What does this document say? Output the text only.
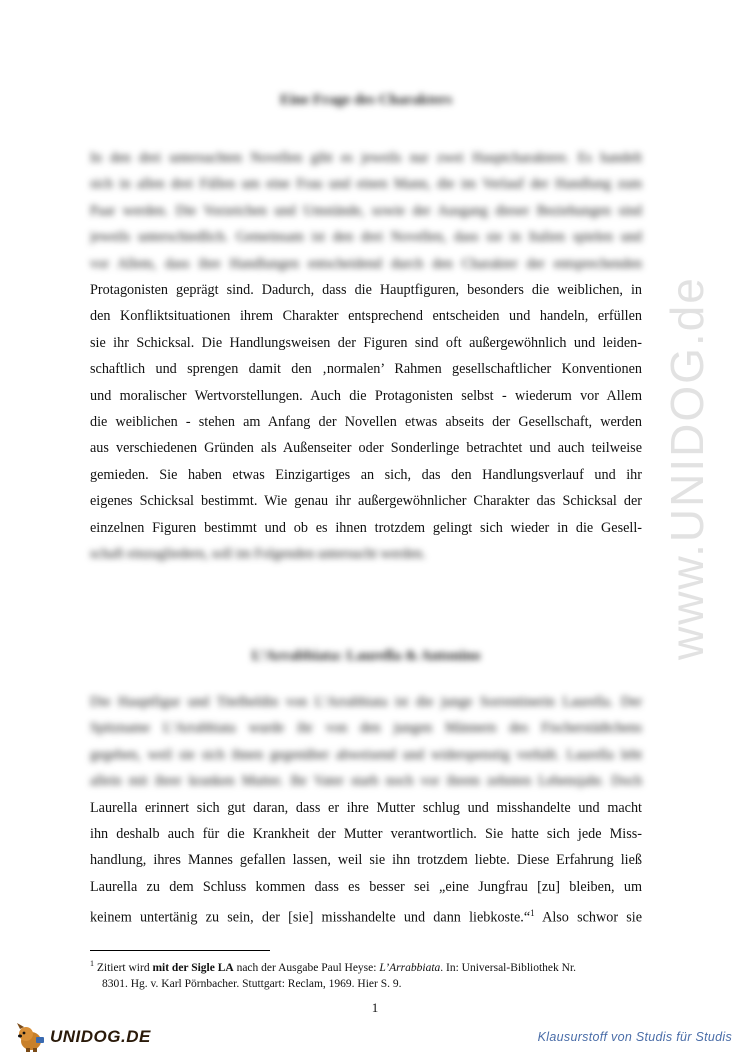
Eine Frage des Charakters
In den drei untersuchten Novellen gibt es jeweils nur zwei Hauptcharaktere. Es handelt
sich in allen drei Fällen um eine Frau und einen Mann, die im Verlauf der Handlung zum
Paar werden. Die Vorzeichen und Umstände, sowie der Ausgang dieser Beziehungen sind
jeweils unterschiedlich. Gemeinsam ist den drei Novellen, dass sie in Italien spielen und
vor Allem, dass ihre Handlungen entscheidend durch den Charakter der entsprechenden
Protagonisten geprägt sind. Dadurch, dass die Hauptfiguren, besonders die weiblichen, in
den Konfliktsituationen ihrem Charakter entsprechend entscheiden und handeln, erfüllen
sie ihr Schicksal. Die Handlungsweisen der Figuren sind oft außergewöhnlich und leiden-
schaftlich und sprengen damit den ‚normalen’ Rahmen gesellschaftlicher Konventionen
und moralischer Wertvorstellungen. Auch die Protagonisten selbst - wiederum vor Allem
die weiblichen - stehen am Anfang der Novellen etwas abseits der Gesellschaft, werden
aus verschiedenen Gründen als Außenseiter oder Sonderlinge betrachtet und auch teilweise
gemieden. Sie haben etwas Einzigartiges an sich, das den Handlungsverlauf und ihr
eigenes Schicksal bestimmt. Wie genau ihr außergewöhnlicher Charakter das Schicksal der
einzelnen Figuren bestimmt und ob es ihnen trotzdem gelingt sich wieder in die Gesell-
schaft einzugliedern, soll im Folgenden untersucht werden.
L’Arrabbiata: Laurella & Antonino
Die Hauptfigur und Titelheldin von L’Arrabbiata ist die junge Sorrentinerin Laurella. Der
Spitzname L’Arrabbiata wurde ihr von den jungen Männern des Fischerstädtchens
gegeben, weil sie sich ihnen gegenüber abweisend und widerspenstig verhält. Laurella lebt
allein mit ihrer kranken Mutter. Ihr Vater starb noch vor ihrem zehnten Lebensjahr. Doch
Laurella erinnert sich gut daran, dass er ihre Mutter schlug und misshandelte und macht
ihn deshalb auch für die Krankheit der Mutter verantwortlich. Sie hatte sich jede Miss-
handlung, ihres Mannes gefallen lassen, weil sie ihn trotzdem liebte. Diese Erfahrung ließ
Laurella zu dem Schluss kommen dass es besser sei „eine Jungfrau [zu] bleiben, um
keinem untertänig zu sein, der [sie] misshandelte und dann liebkoste.“$^1$ Also schwor sie
$^1$ Zitiert wird mit der Sigle LA nach der Ausgabe Paul Heyse: L’Arrabbiata. In: Universal-Bibliothek Nr.
8301. Hg. v. Karl Pörnbacher. Stuttgart: Reclam, 1969. Hier S. 9.
1
www.UNIDOG.de
UNIDOG.DE	Klausurstoff von Studis für Studis
